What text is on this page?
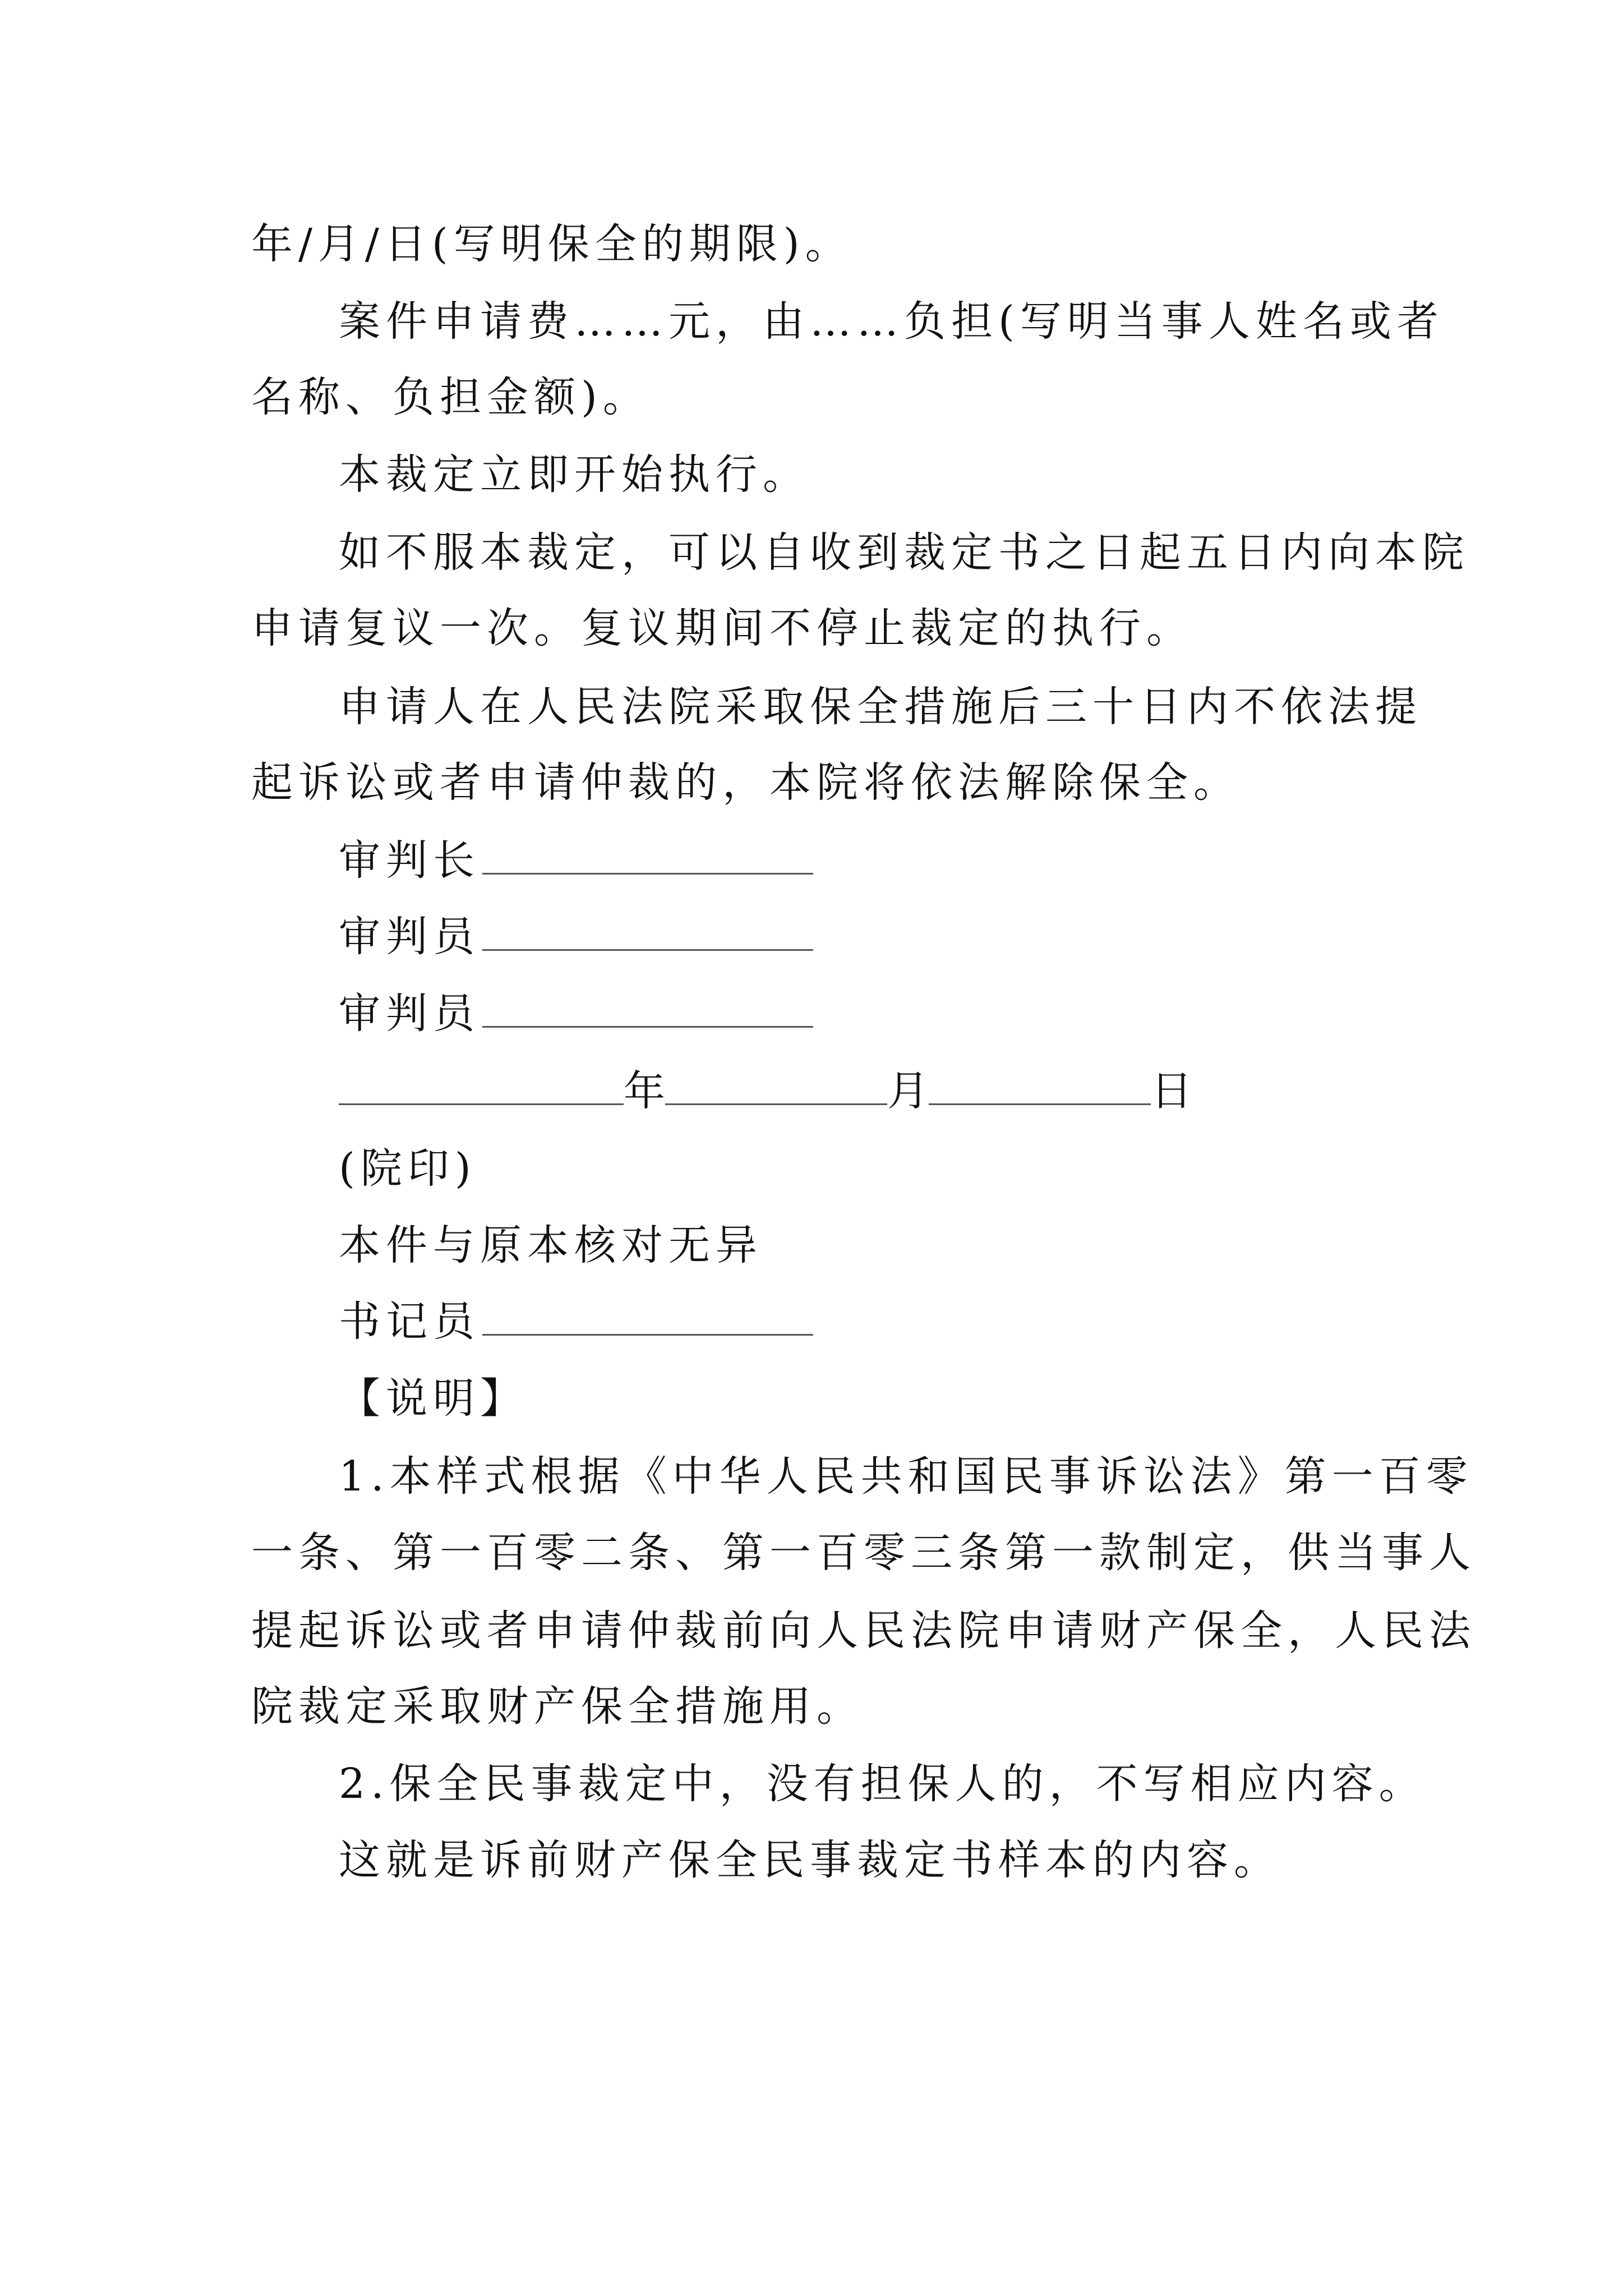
年/月/日(写明保全的期限)。
案件申请费……元，由……负担(写明当事人姓名或者
名称、负担金额)。
本裁定立即开始执行。
如不服本裁定，可以自收到裁定书之日起五日内向本院
申请复议一次。复议期间不停止裁定的执行。
申请人在人民法院采取保全措施后三十日内不依法提
起诉讼或者申请仲裁的，本院将依法解除保全。
审判长
审判员
审判员
年	月	日
(院印)
本件与原本核对无异
书记员
【说明】
1.本样式根据《中华人民共和国民事诉讼法》第一百零
一条、第一百零二条、第一百零三条第一款制定，供当事人
提起诉讼或者申请仲裁前向人民法院申请财产保全，人民法
院裁定采取财产保全措施用。
2.保全民事裁定中，没有担保人的，不写相应内容。
这就是诉前财产保全民事裁定书样本的内容。
